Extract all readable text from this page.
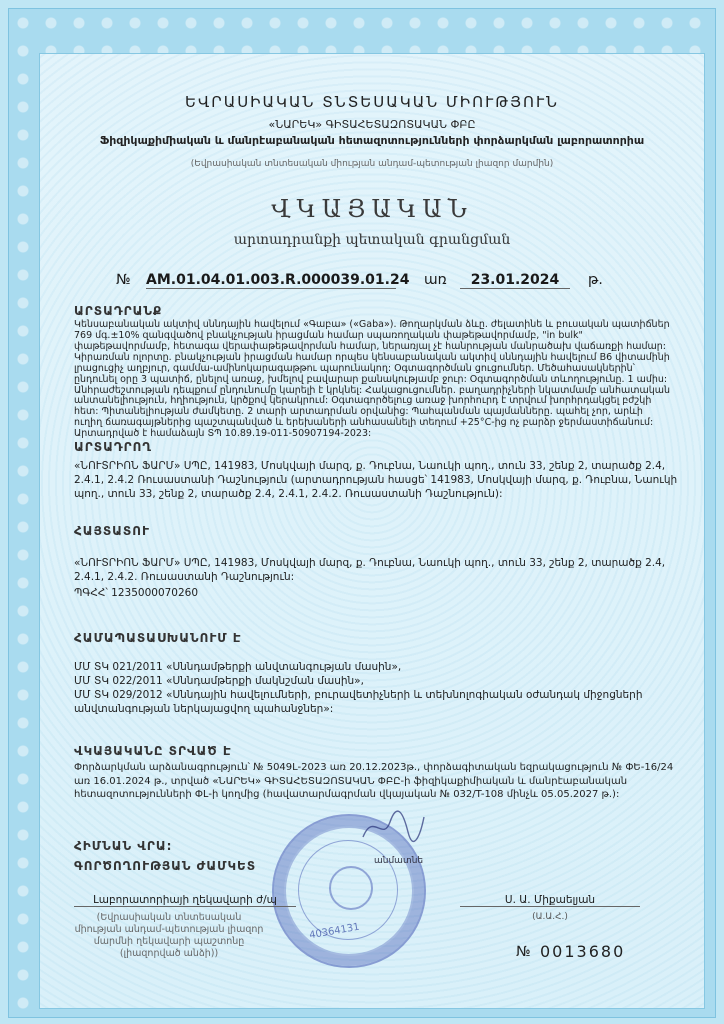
ԵՎՐԱՍԻԱԿԱՆ ՏՆՏԵՍԱԿԱՆ ՄԻՈՒԹՅՈՒՆ
«ՆԱՐԵԿ» ԳԻՏԱՀԵՏԱԶՈՏԱԿԱՆ ՓԲԸ
Ֆիզիկաքիմիական և մանրէաբանական հետազոտությունների փորձարկման լաբորատորիա
(Եվրասիական տնտեսական միության անդամ-պետության լիազոր մարմին)
ՎԿԱՅԱԿԱՆ
արտադրանքի պետական գրանցման
№ AM.01.04.01.003.R.000039.01.24 առ	23.01.2024	թ.
ԱՐՏԱԴՐԱՆՔ
Կենսաբանական ակտիվ սննդային հավելում «Գաբա» («Gaba»). Թողարկման ձևը. ժելատինե և բուսական պատիճներ 769 մգ.±10% զանգվածով բնակչության իրացման համար սպառողական փաթեթավորմամբ, "in bulk" փաթեթավորմամբ, հետագա վերափաթեթավորման համար, ներառյալ չէ հանրության մանրածախ վաճառքի համար: Կիրառման ոլորտը. բնակչության իրացման համար որպես կենսաբանական ակտիվ սննդային հավելում B6 վիտամինի լրացուցիչ աղբյուր, գամմա-ամինոկարագաթթու պարունակող: Օգտագործման ցուցումներ. Մեծահասակներին՝ ընդունել օրը 3 պատիճ, ընելով առաջ, խմելով բավարար քանակությամբ ջուր: Օգտագործման տևողությունը. 1 ամիս: Անհրաժեշտության դեպքում ընդունումը կարելի է կրկնել: Հակացուցումներ. բաղադրիչների նկատմամբ անհատական անտանելիություն, հղիություն, կրծքով կերակրում: Օգտագործելուց առաջ խորհուրդ է տրվում խորհրդակցել բժշկի հետ: Պիտանելիության ժամկետը. 2 տարի արտադրման օրվանից: Պահպանման պայմանները. պահել չոր, արևի ուղիղ ճառագայթներից պաշտպանված և երեխաների անհասանելի տեղում +25°C-ից ոչ բարձր ջերմաստիճանում: Արտադրված է համաձայն ՏՊ 10.89.19-011-50907194-2023:
ԱՐՏԱԴՐՈՂ
«ՆՈՒՏՐԻՈՆ ՖԱՐՄ» ՍՊԸ, 141983, Մոսկվայի մարզ, ք. Դուբնա, Նաուկի պող., տուն 33, շենք 2, տարածք 2.4, 2.4.1, 2.4.2 Ռուսաստանի Դաշնություն (արտադրության հասցե՝ 141983, Մոսկվայի մարզ, ք. Դուբնա, Նաուկի պող., տուն 33, շենք 2, տարածք 2.4, 2.4.1, 2.4.2. Ռուսաստանի Դաշնություն):
ՀԱՅՏԱՏՈՒ
«ՆՈՒՏՐԻՈՆ ՖԱՐՄ» ՍՊԸ, 141983, Մոսկվայի մարզ, ք. Դուբնա, Նաուկի պող., տուն 33, շենք 2, տարածք 2.4, 2.4.1, 2.4.2. Ռուսաստանի Դաշնություն:
ՊԳՀՀ՝ 1235000070260
ՀԱՄԱՊԱՏԱՍԽԱՆՈՒՄ Է
ՄՄ ՏԿ 021/2011 «Սննդամթերքի անվտանգության մասին»,
ՄՄ ՏԿ 022/2011 «Սննդամթերքի մակնշման մասին»,
ՄՄ ՏԿ 029/2012 «Սննդային հավելումների, բուրավետիչների և տեխնոլոգիական օժանդակ միջոցների անվտանգության ներկայացվող պահանջներ»:
ՎԿԱՅԱԿԱՆԸ ՏՐՎԱԾ Է
Փորձարկման արձանագրություն՝ № 5049L-2023 առ 20.12.2023թ., փորձագիտական եզրակացություն № ՓԵ-16/24 առ 16.01.2024 թ., տրված «ՆԱՐԵԿ» ԳԻՏԱՀԵՏԱԶՈՏԱԿԱՆ ՓԲԸ-ի ֆիզիկաքիմիական և մանրէաբանական հետազոտությունների ՓԼ-ի կողմից (հավատարմագրման վկայական № 032/T-108 մինչև 05.05.2027 թ.):
ՀԻՄՆԱՆ ՎՐԱ:
ԳՈՐԾՈՂՈՒԹՅԱՆ ԺԱՄԿԵՏ
40364131
անմատնե
Լաբորատորիայի ղեկավարի ժ/պ	Ս. Ա. Միքաելյան
(Ա.Ա.Հ.)
(Եվրասիական տնտեսական միության անդամ-պետության լիազոր մարմնի ղեկավարի պաշտոնը (լիազորված անձի))	№ 0013680
